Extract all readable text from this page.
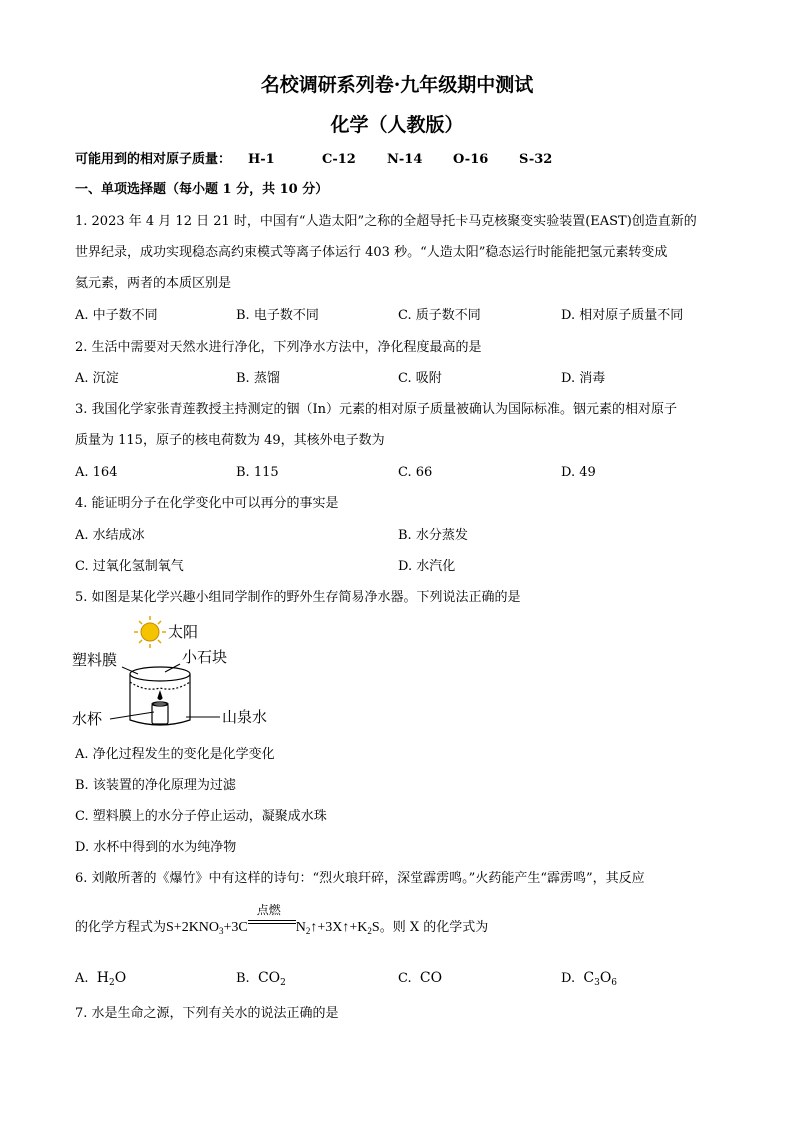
名校调研系列卷·九年级期中测试
化学（人教版）
可能用到的相对原子质量： H-1	C-12 N-14 O-16 S-32
一、单项选择题（每小题 1 分，共 10 分）
1. 2023 年 4 月 12 日 21 时，中国有“人造太阳”之称的全超导托卡马克核聚变实验装置(EAST)创造直新的
世界纪录，成功实现稳态高约束模式等离子体运行 403 秒。“人造太阳”稳态运行时能能把氢元素转变成
氦元素，两者的本质区别是
A. 中子数不同	B. 电子数不同	C. 质子数不同	D. 相对原子质量不同
2. 生活中需要对天然水进行净化，下列净水方法中，净化程度最高的是
A. 沉淀	B. 蒸馏	C. 吸附	D. 消毒
3. 我国化学家张青莲教授主持测定的铟（In）元素的相对原子质量被确认为国际标准。铟元素的相对原子
质量为 115，原子的核电荷数为 49，其核外电子数为
A. 164	B. 115	C. 66	D. 49
4. 能证明分子在化学变化中可以再分的事实是
A. 水结成冰	B. 水分蒸发
C. 过氧化氢制氧气	D. 水汽化
5. 如图是某化学兴趣小组同学制作的野外生存简易净水器。下列说法正确的是
太阳
塑料膜	小石块
水杯	山泉水
A. 净化过程发生的变化是化学变化
B. 该装置的净化原理为过滤
C. 塑料膜上的水分子停止运动，凝聚成水珠
D. 水杯中得到的水为纯净物
6. 刘敞所著的《爆竹》中有这样的诗句：“烈火琅玕碎，深堂霹雳鸣。”火药能产生“霹雳鸣”，其反应
的化学方程式为$S+2KNO_3+3C$
点燃
$N_2↑+3X↑+K_2S$。则 X 的化学式为
A. $H_2O$	B. $CO_2$	C. CO	D. $C_3O_6$
7. 水是生命之源，下列有关水的说法正确的是
